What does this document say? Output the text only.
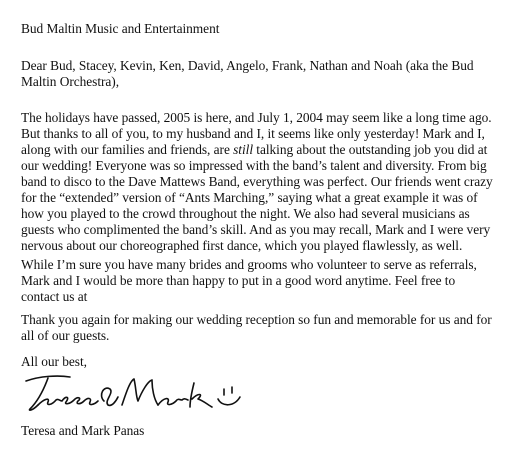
Bud Maltin Music and Entertainment
Dear Bud, Stacey, Kevin, Ken, David, Angelo, Frank, Nathan and Noah (aka the Bud
Maltin Orchestra),
The holidays have passed, 2005 is here, and July 1, 2004 may seem like a long time ago.
But thanks to all of you, to my husband and I, it seems like only yesterday! Mark and I,
along with our families and friends, are still talking about the outstanding job you did at
our wedding! Everyone was so impressed with the band’s talent and diversity. From big
band to disco to the Dave Mattews Band, everything was perfect. Our friends went crazy
for the “extended” version of “Ants Marching,” saying what a great example it was of
how you played to the crowd throughout the night. We also had several musicians as
guests who complimented the band’s skill. And as you may recall, Mark and I were very
nervous about our choreographed first dance, which you played flawlessly, as well.
While I’m sure you have many brides and grooms who volunteer to serve as referrals,
Mark and I would be more than happy to put in a good word anytime. Feel free to
contact us at
Thank you again for making our wedding reception so fun and memorable for us and for
all of our guests.
All our best,
Teresa and Mark Panas
